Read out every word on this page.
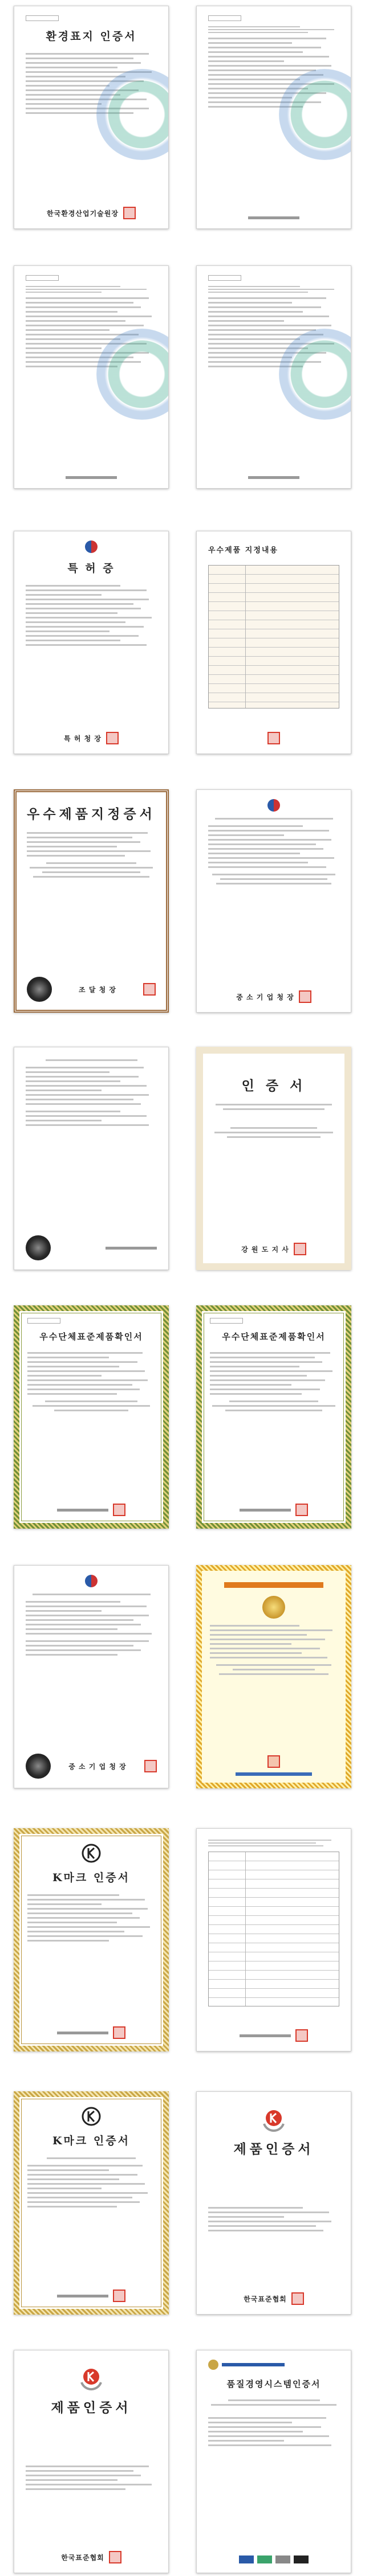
환경표지 인증서
한국환경산업기술원장
특 허 증
특 허 청 장
우수제품 지정내용
우수제품지정증서
조 달 청 장
중 소 기 업 청 장
인 증 서
강 원 도 지 사
우수단체표준제품확인서	우수단체표준제품확인서
중 소 기 업 청 장
K마크 인증서
K마크 인증서
제품인증서
한국표준협회
제품인증서
한국표준협회
품질경영시스템인증서
